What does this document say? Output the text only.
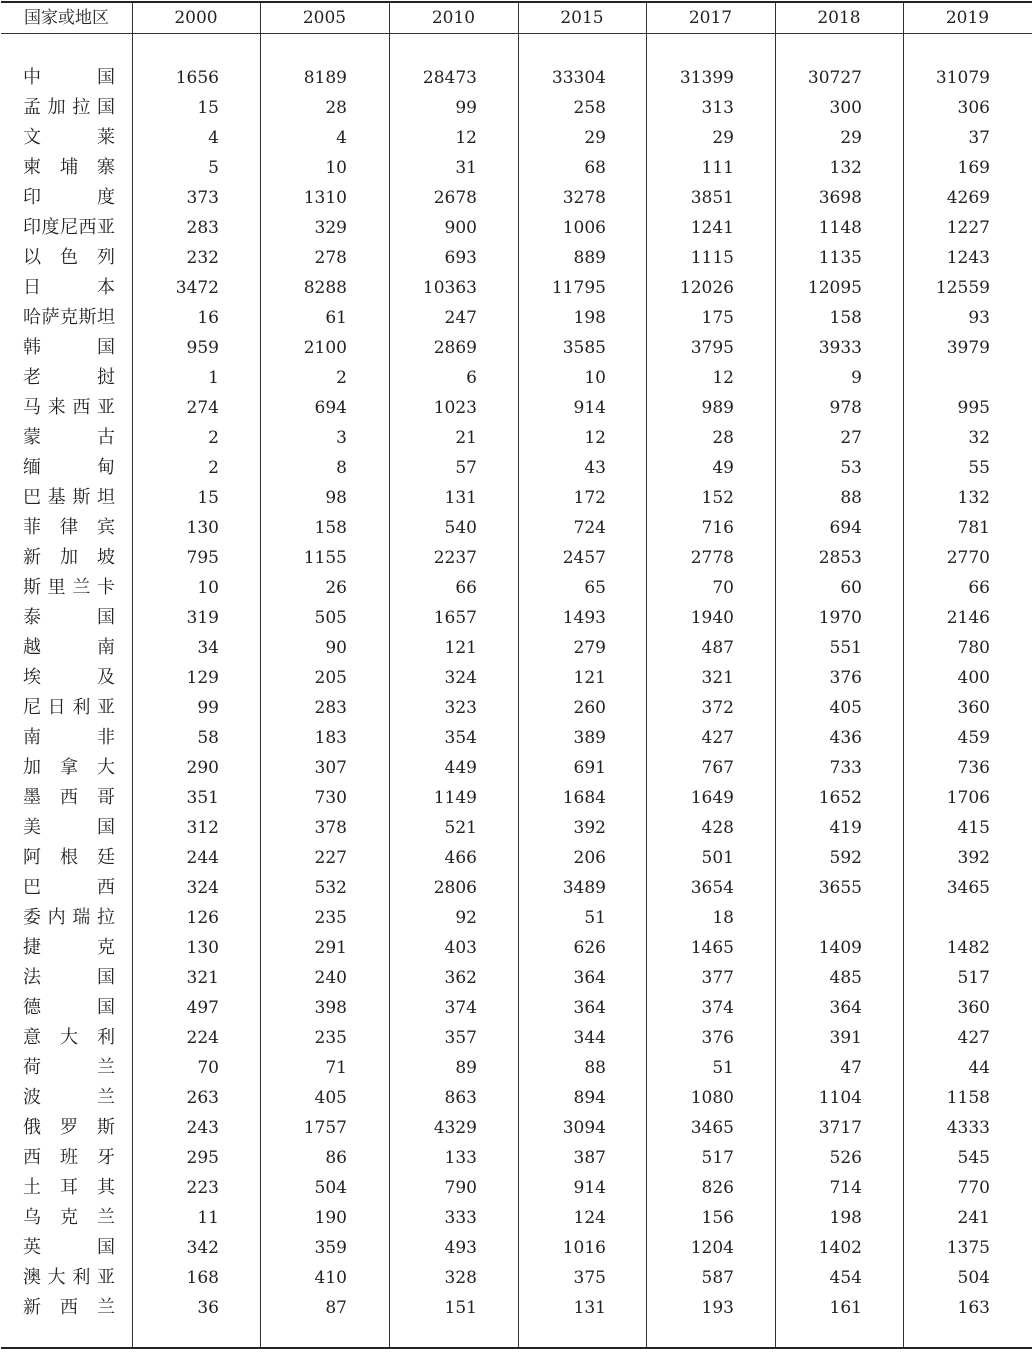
国家或地区	2000	2005	2010	2015	2017	2018	2019
中国	1656	8189	28473	33304	31399	30727	31079
孟加拉国	15	28	99	258	313	300	306
文莱	4	4	12	29	29	29	37
柬埔寨	5	10	31	68	111	132	169
印度	373	1310	2678	3278	3851	3698	4269
印度尼西亚	283	329	900	1006	1241	1148	1227
以色列	232	278	693	889	1115	1135	1243
日本	3472	8288	10363	11795	12026	12095	12559
哈萨克斯坦	16	61	247	198	175	158	93
韩国	959	2100	2869	3585	3795	3933	3979
老挝	1	2	6	10	12	9
马来西亚	274	694	1023	914	989	978	995
蒙古	2	3	21	12	28	27	32
缅甸	2	8	57	43	49	53	55
巴基斯坦	15	98	131	172	152	88	132
菲律宾	130	158	540	724	716	694	781
新加坡	795	1155	2237	2457	2778	2853	2770
斯里兰卡	10	26	66	65	70	60	66
泰国	319	505	1657	1493	1940	1970	2146
越南	34	90	121	279	487	551	780
埃及	129	205	324	121	321	376	400
尼日利亚	99	283	323	260	372	405	360
南非	58	183	354	389	427	436	459
加拿大	290	307	449	691	767	733	736
墨西哥	351	730	1149	1684	1649	1652	1706
美国	312	378	521	392	428	419	415
阿根廷	244	227	466	206	501	592	392
巴西	324	532	2806	3489	3654	3655	3465
委内瑞拉	126	235	92	51	18
捷克	130	291	403	626	1465	1409	1482
法国	321	240	362	364	377	485	517
德国	497	398	374	364	374	364	360
意大利	224	235	357	344	376	391	427
荷兰	70	71	89	88	51	47	44
波兰	263	405	863	894	1080	1104	1158
俄罗斯	243	1757	4329	3094	3465	3717	4333
西班牙	295	86	133	387	517	526	545
土耳其	223	504	790	914	826	714	770
乌克兰	11	190	333	124	156	198	241
英国	342	359	493	1016	1204	1402	1375
澳大利亚	168	410	328	375	587	454	504
新西兰	36	87	151	131	193	161	163
